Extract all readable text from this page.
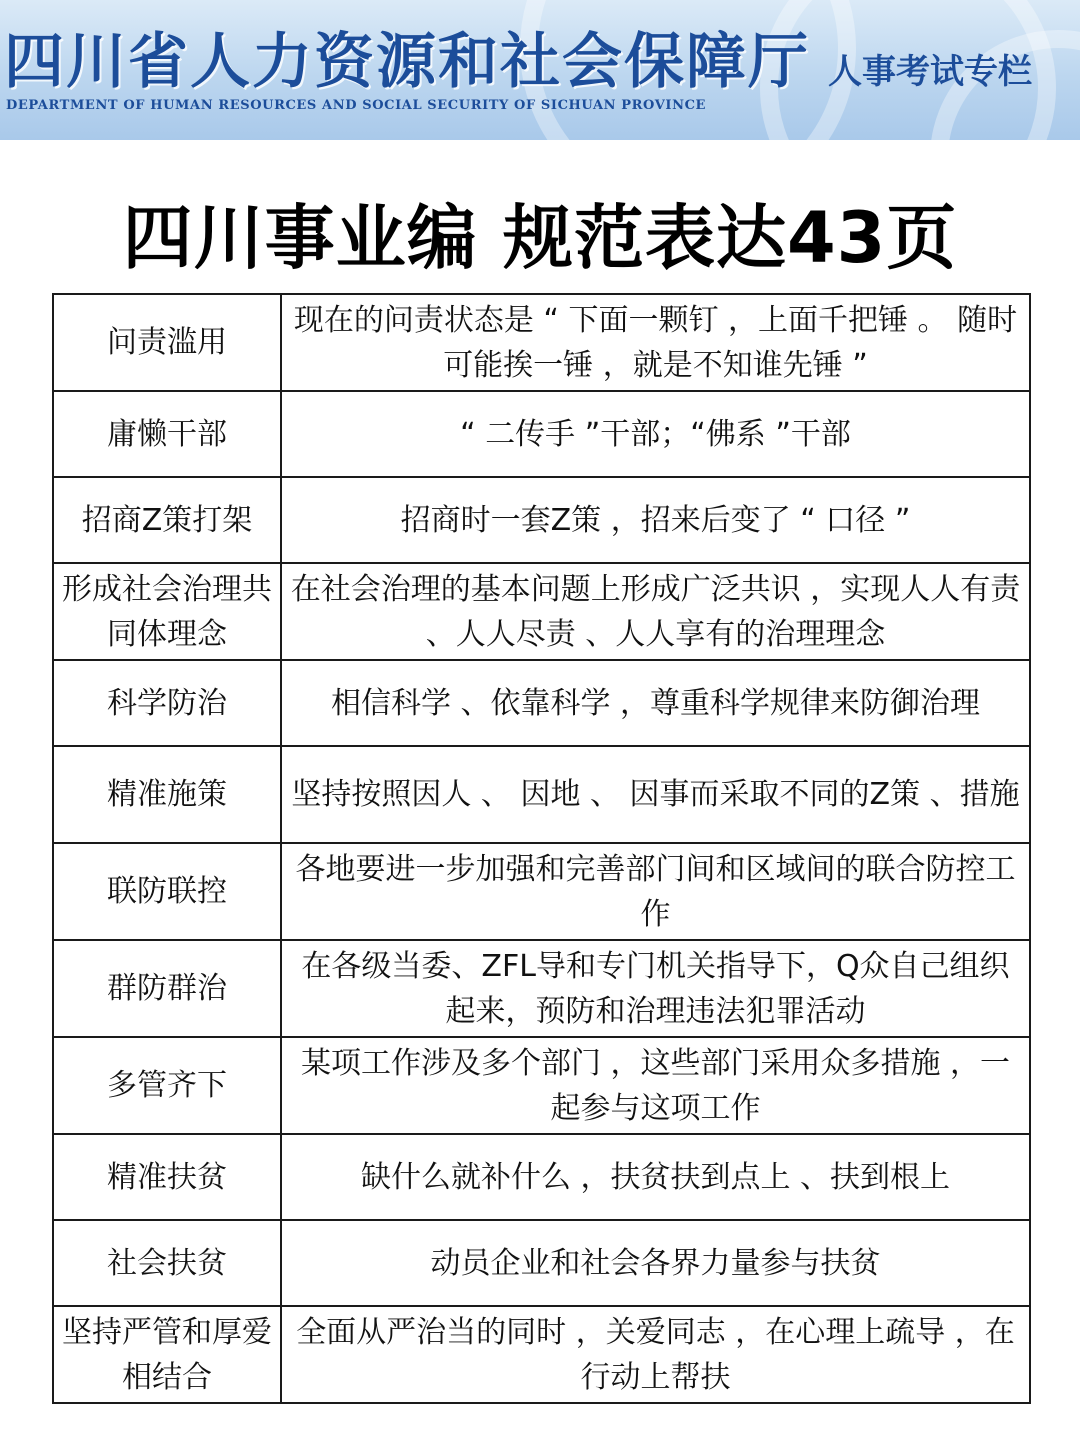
四川省人力资源和社会保障厅
DEPARTMENT OF HUMAN RESOURCES AND SOCIAL SECURITY OF SICHUAN PROVINCE
人事考试专栏
四川事业编 规范表达43页
问责滥用	现在的问责状态是 “ 下面一颗钉 ，上面千把锤 。 随时可能挨一锤 ，就是不知谁先锤 ”
庸懒干部	“ 二传手 ”干部；“佛系 ”干部
招商Z策打架	招商时一套Z策 ，招来后变了 “ 口径 ”
形成社会治理共同体理念	在社会治理的基本问题上形成广泛共识 ，实现人人有责 、人人尽责 、人人享有的治理理念
科学防治	相信科学 、依靠科学 ，尊重科学规律来防御治理
精准施策	坚持按照因人 、 因地 、 因事而采取不同的Z策 、措施
联防联控	各地要进一步加强和完善部门间和区域间的联合防控工作
群防群治	在各级当委、ZFL导和专门机关指导下，Q众自己组织起来，预防和治理违法犯罪活动
多管齐下	某项工作涉及多个部门 ，这些部门采用众多措施 ，一起参与这项工作
精准扶贫	缺什么就补什么 ，扶贫扶到点上 、扶到根上
社会扶贫	动员企业和社会各界力量参与扶贫
坚持严管和厚爱相结合	全面从严治当的同时 ，关爱同志 ，在心理上疏导 ，在行动上帮扶
